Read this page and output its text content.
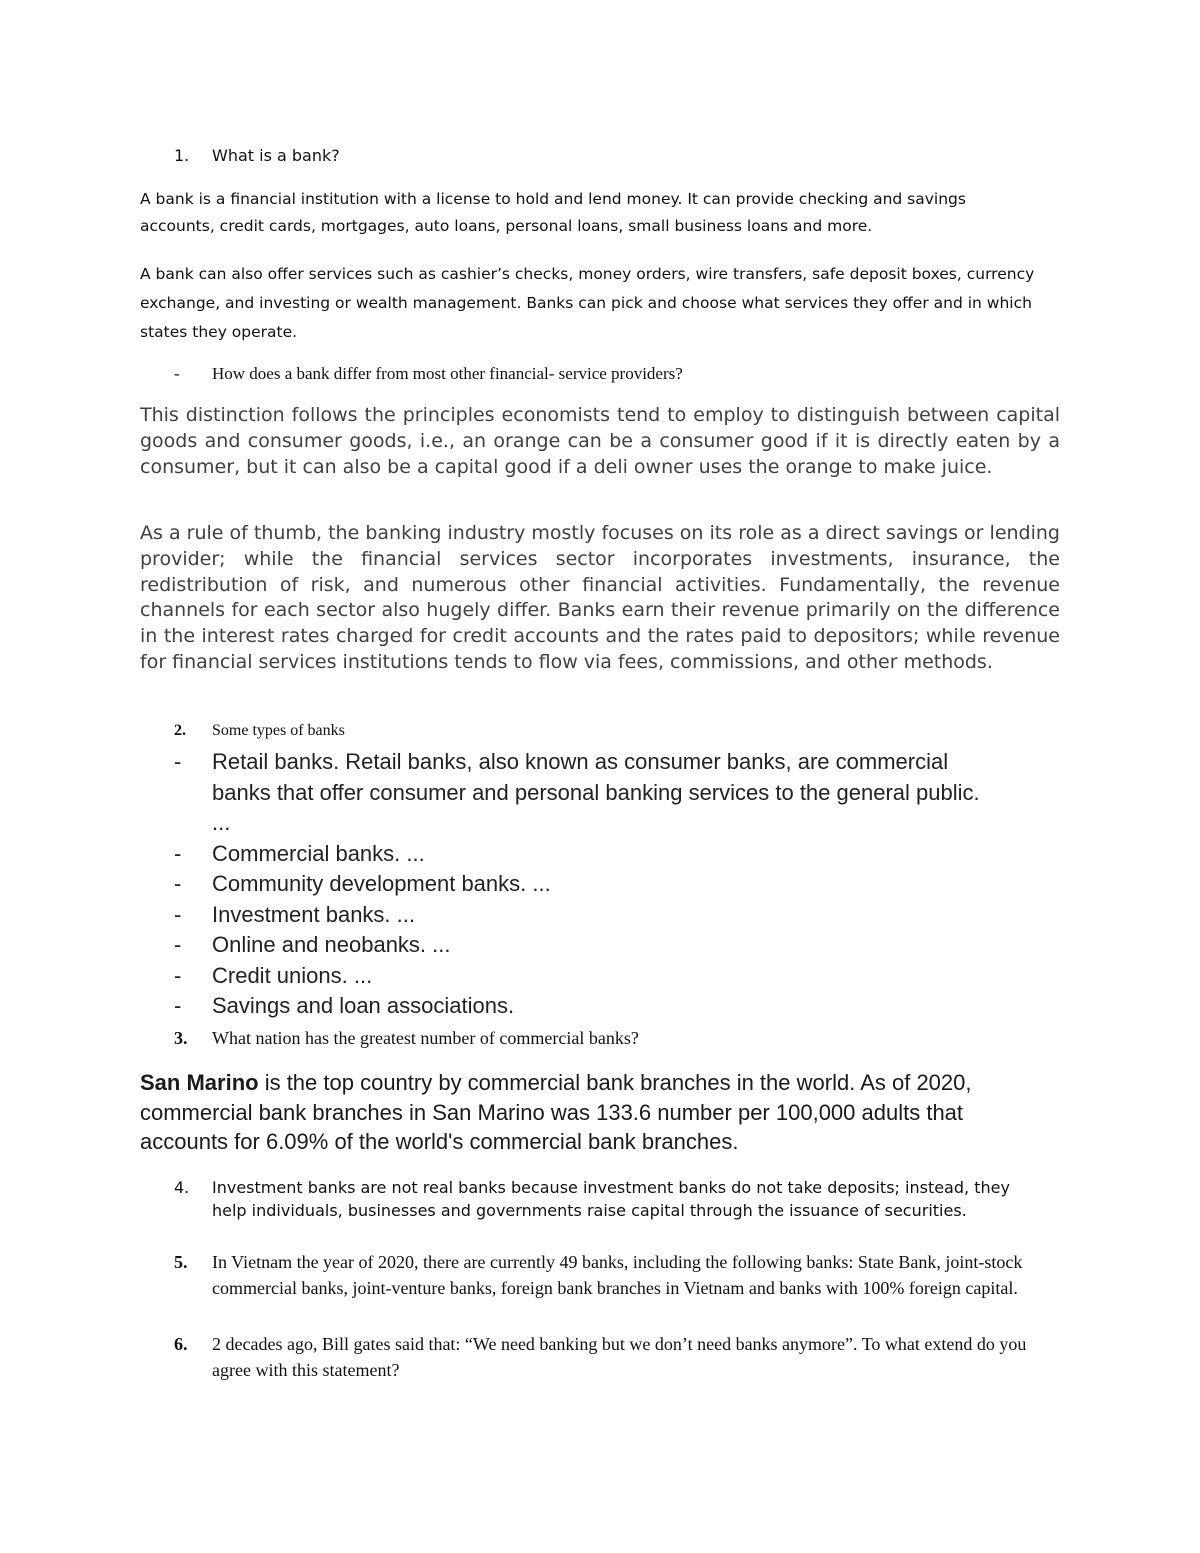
1. What is a bank?

A bank is a financial institution with a license to hold and lend money. It can provide checking and savings accounts, credit cards, mortgages, auto loans, personal loans, small business loans and more.

A bank can also offer services such as cashier’s checks, money orders, wire transfers, safe deposit boxes, currency exchange, and investing or wealth management. Banks can pick and choose what services they offer and in which states they operate.

- How does a bank differ from most other financial- service providers?

This distinction follows the principles economists tend to employ to distinguish between capital goods and consumer goods, i.e., an orange can be a consumer good if it is directly eaten by a consumer, but it can also be a capital good if a deli owner uses the orange to make juice.

As a rule of thumb, the banking industry mostly focuses on its role as a direct savings or lending provider; while the financial services sector incorporates investments, insurance, the redistribution of risk, and numerous other financial activities. Fundamentally, the revenue channels for each sector also hugely differ. Banks earn their revenue primarily on the difference in the interest rates charged for credit accounts and the rates paid to depositors; while revenue for financial services institutions tends to flow via fees, commissions, and other methods.

2. Some types of banks
- Retail banks. Retail banks, also known as consumer banks, are commercial banks that offer consumer and personal banking services to the general public. ...
- Commercial banks. ...
- Community development banks. ...
- Investment banks. ...
- Online and neobanks. ...
- Credit unions. ...
- Savings and loan associations.
3. What nation has the greatest number of commercial banks?

San Marino is the top country by commercial bank branches in the world. As of 2020, commercial bank branches in San Marino was 133.6 number per 100,000 adults that accounts for 6.09% of the world's commercial bank branches.

4. Investment banks are not real banks because investment banks do not take deposits; instead, they help individuals, businesses and governments raise capital through the issuance of securities.
5. In Vietnam the year of 2020, there are currently 49 banks, including the following banks: State Bank, joint-stock commercial banks, joint-venture banks, foreign bank branches in Vietnam and banks with 100% foreign capital.
6. 2 decades ago, Bill gates said that: “We need banking but we don’t need banks anymore”. To what extend do you agree with this statement?
